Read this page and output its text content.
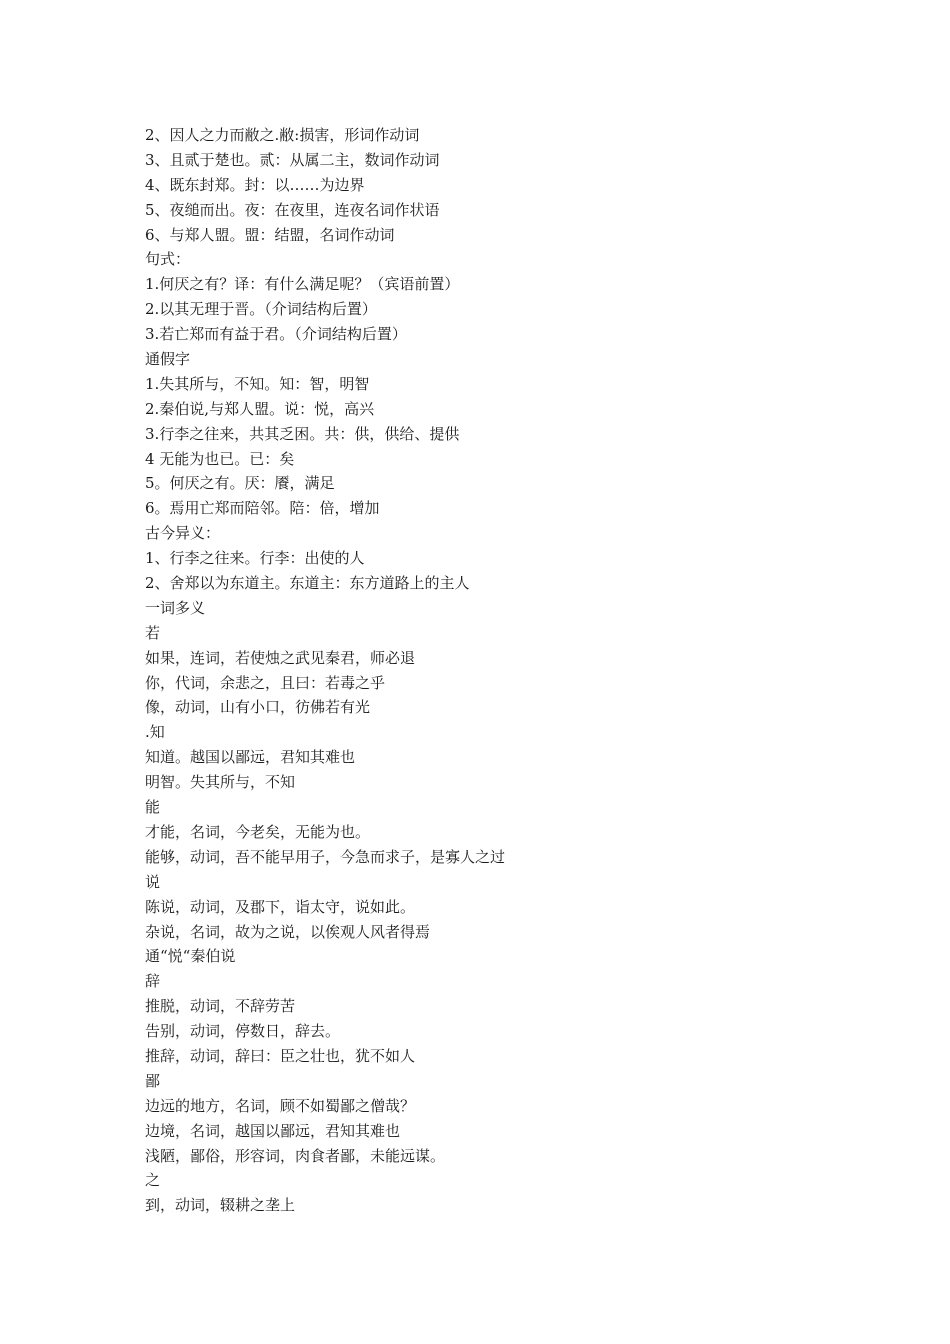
2、因人之力而敝之.敝:损害，形词作动词
3、且贰于楚也。贰：从属二主，数词作动词
4、既东封郑。封：以……为边界
5、夜缒而出。夜：在夜里，连夜名词作状语
6、与郑人盟。盟：结盟，名词作动词
句式：
1.何厌之有？译：有什么满足呢？（宾语前置）
2.以其无理于晋。（介词结构后置）
3.若亡郑而有益于君。（介词结构后置）
通假字
1.失其所与，不知。知：智，明智
2.秦伯说,与郑人盟。说：悦，高兴
3.行李之往来，共其乏困。共：供，供给、提供
4 无能为也已。已：矣
5。何厌之有。厌：餍，满足
6。焉用亡郑而陪邻。陪：倍，增加
古今异义：
1、行李之往来。行李：出使的人
2、舍郑以为东道主。东道主：东方道路上的主人
一词多义
若
如果，连词，若使烛之武见秦君，师必退
你，代词，余悲之，且曰：若毒之乎
像，动词，山有小口，彷佛若有光
.知
知道。越国以鄙远，君知其难也
明智。失其所与，不知
能
才能，名词，今老矣，无能为也。
能够，动词，吾不能早用子，今急而求子，是寡人之过
说
陈说，动词，及郡下，诣太守，说如此。
杂说，名词，故为之说，以俟观人风者得焉
通“悦“秦伯说
辞
推脱，动词，不辞劳苦
告别，动词，停数日，辞去。
推辞，动词，辞曰：臣之壮也，犹不如人
鄙
边远的地方，名词，顾不如蜀鄙之僧哉？
边境，名词，越国以鄙远，君知其难也
浅陋，鄙俗，形容词，肉食者鄙，未能远谋。
之
到，动词，辍耕之垄上
